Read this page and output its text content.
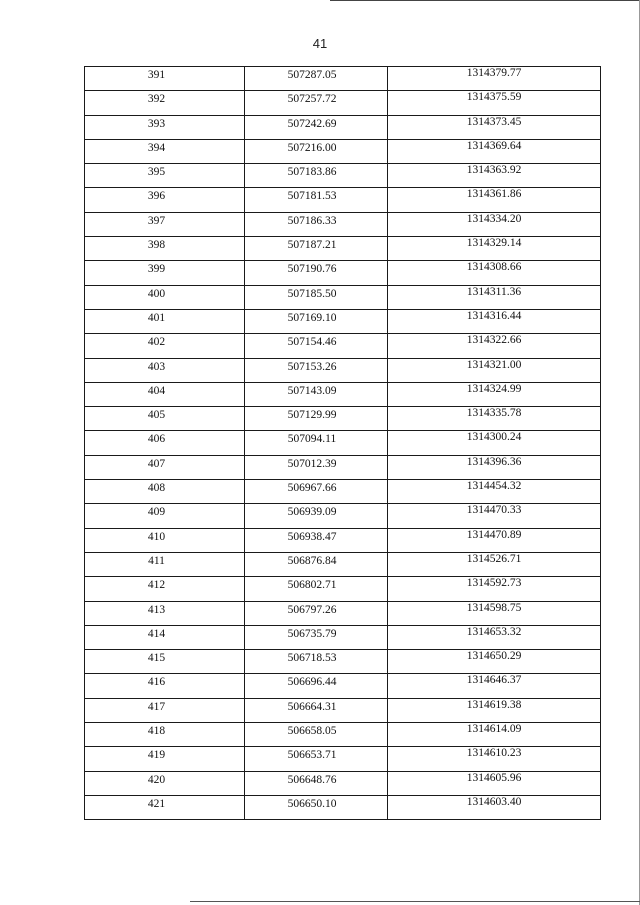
41
391	507287.05	1314379.77

392	507257.72	1314375.59

393	507242.69	1314373.45

394	507216.00	1314369.64

395	507183.86	1314363.92

396	507181.53	1314361.86

397	507186.33	1314334.20

398	507187.21	1314329.14

399	507190.76	1314308.66

400	507185.50	1314311.36

401	507169.10	1314316.44

402	507154.46	1314322.66

403	507153.26	1314321.00

404	507143.09	1314324.99

405	507129.99	1314335.78

406	507094.11	1314300.24

407	507012.39	1314396.36

408	506967.66	1314454.32

409	506939.09	1314470.33

410	506938.47	1314470.89

411	506876.84	1314526.71

412	506802.71	1314592.73

413	506797.26	1314598.75

414	506735.79	1314653.32

415	506718.53	1314650.29

416	506696.44	1314646.37

417	506664.31	1314619.38

418	506658.05	1314614.09

419	506653.71	1314610.23

420	506648.76	1314605.96

421	506650.10	1314603.40
